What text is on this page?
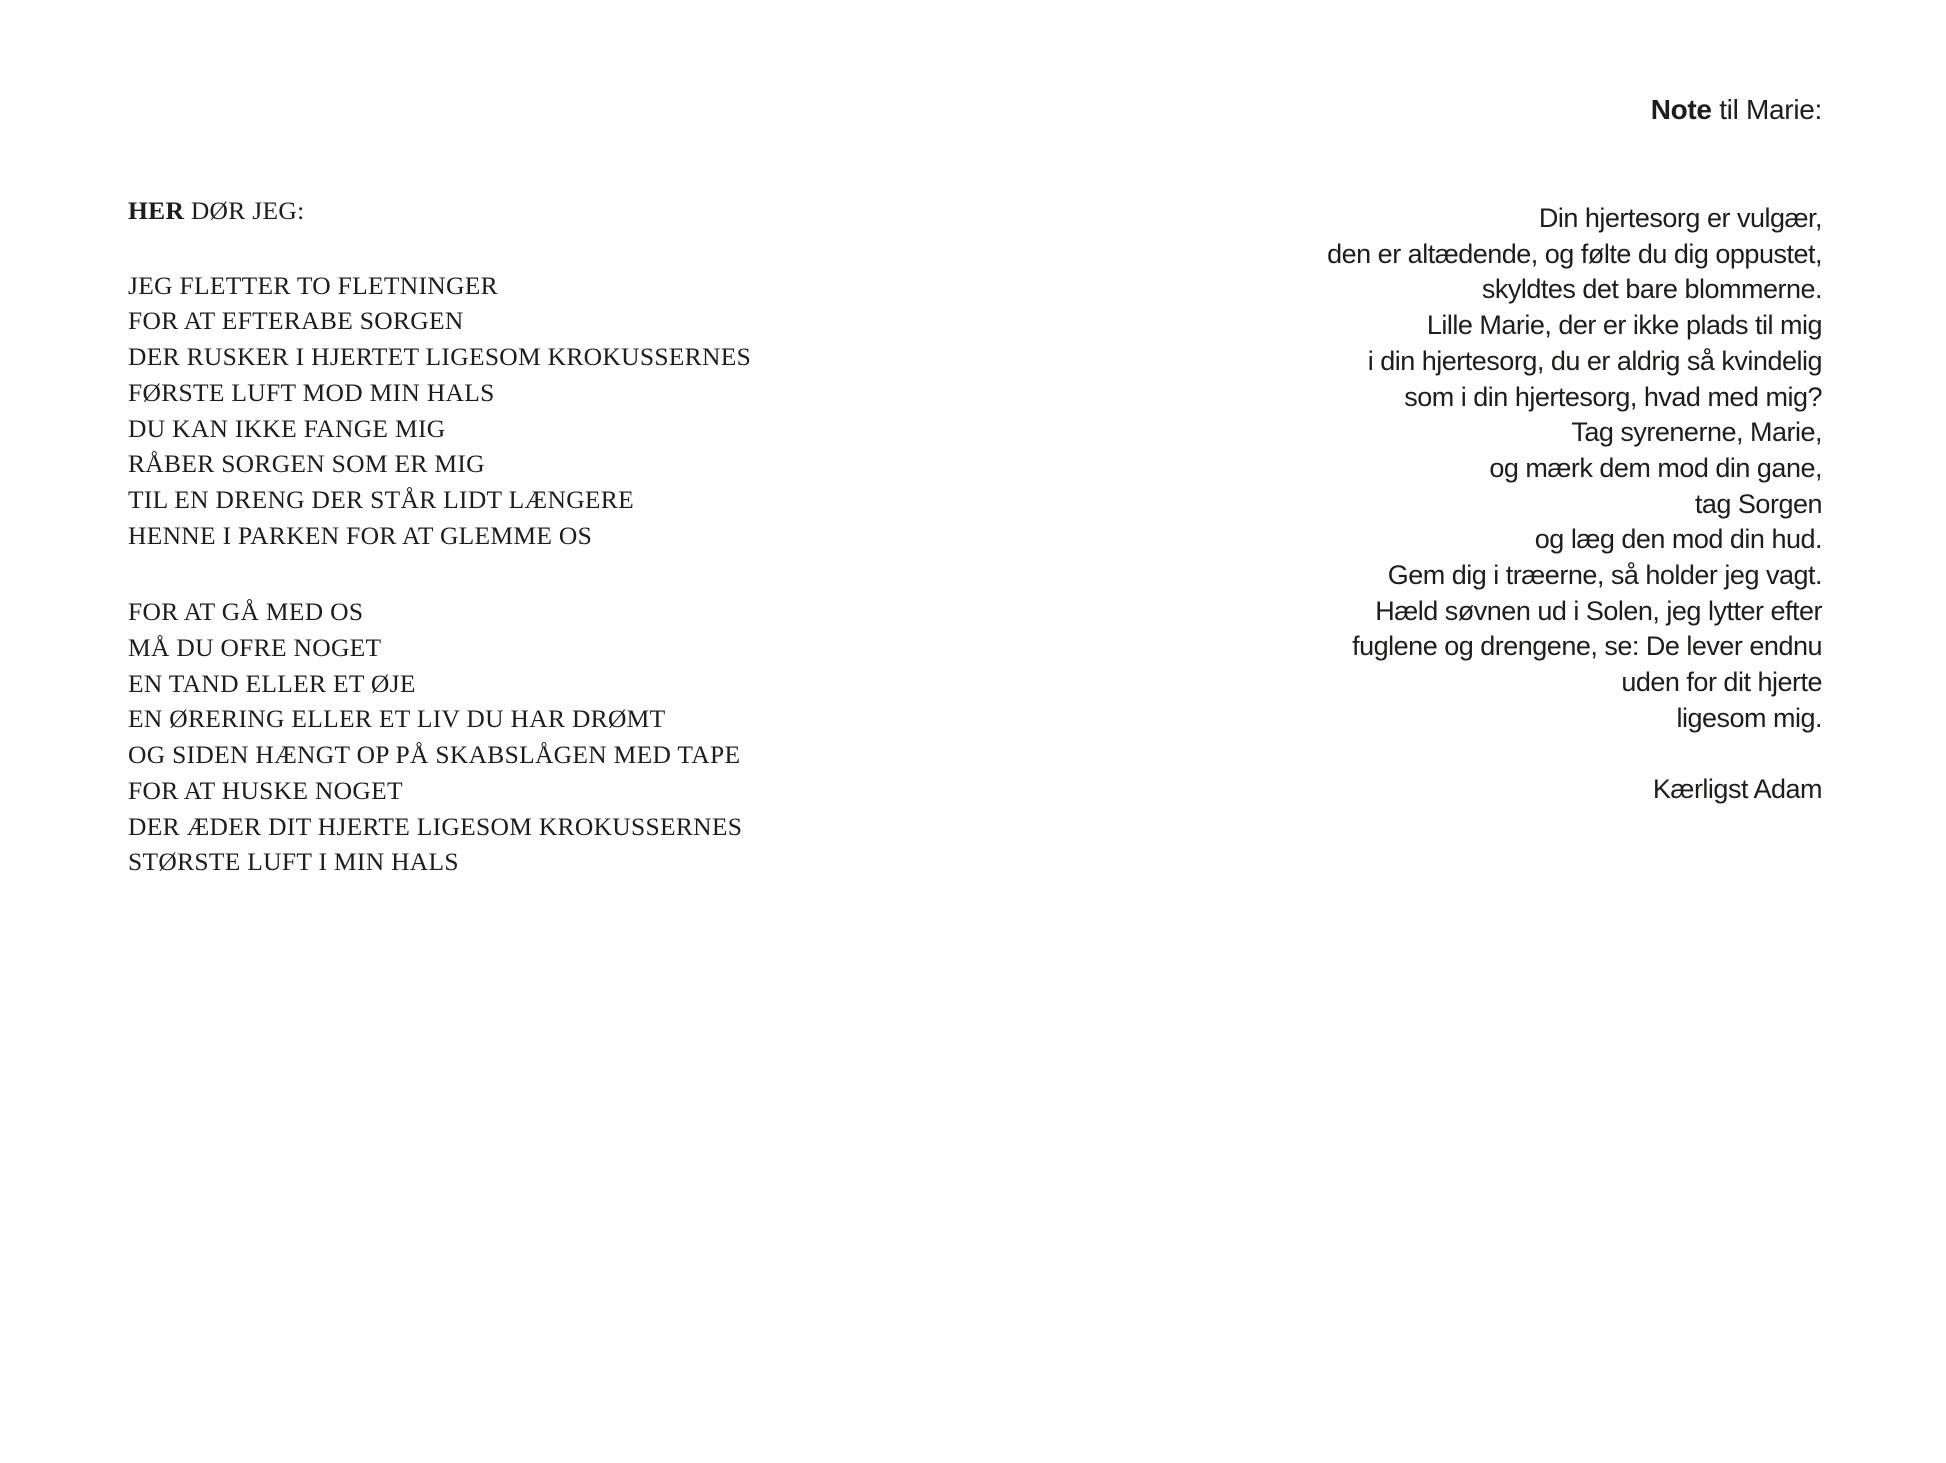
HER DØR JEG:
JEG FLETTER TO FLETNINGER
FOR AT EFTERABE SORGEN
DER RUSKER I HJERTET LIGESOM KROKUSSERNES
FØRSTE LUFT MOD MIN HALS
DU KAN IKKE FANGE MIG
RÅBER SORGEN SOM ER MIG
TIL EN DRENG DER STÅR LIDT LÆNGERE
HENNE I PARKEN FOR AT GLEMME OS
FOR AT GÅ MED OS
MÅ DU OFRE NOGET
EN TAND ELLER ET ØJE
EN ØRERING ELLER ET LIV DU HAR DRØMT
OG SIDEN HÆNGT OP PÅ SKABSLÅGEN MED TAPE
FOR AT HUSKE NOGET
DER ÆDER DIT HJERTE LIGESOM KROKUSSERNES
STØRSTE LUFT I MIN HALS
Note til Marie:
Din hjertesorg er vulgær,
den er altædende, og følte du dig oppustet,
skyldtes det bare blommerne.
Lille Marie, der er ikke plads til mig
i din hjertesorg, du er aldrig så kvindelig
som i din hjertesorg, hvad med mig?
Tag syrenerne, Marie,
og mærk dem mod din gane,
tag Sorgen
og læg den mod din hud.
Gem dig i træerne, så holder jeg vagt.
Hæld søvnen ud i Solen, jeg lytter efter
fuglene og drengene, se: De lever endnu
uden for dit hjerte
ligesom mig.
Kærligst Adam
